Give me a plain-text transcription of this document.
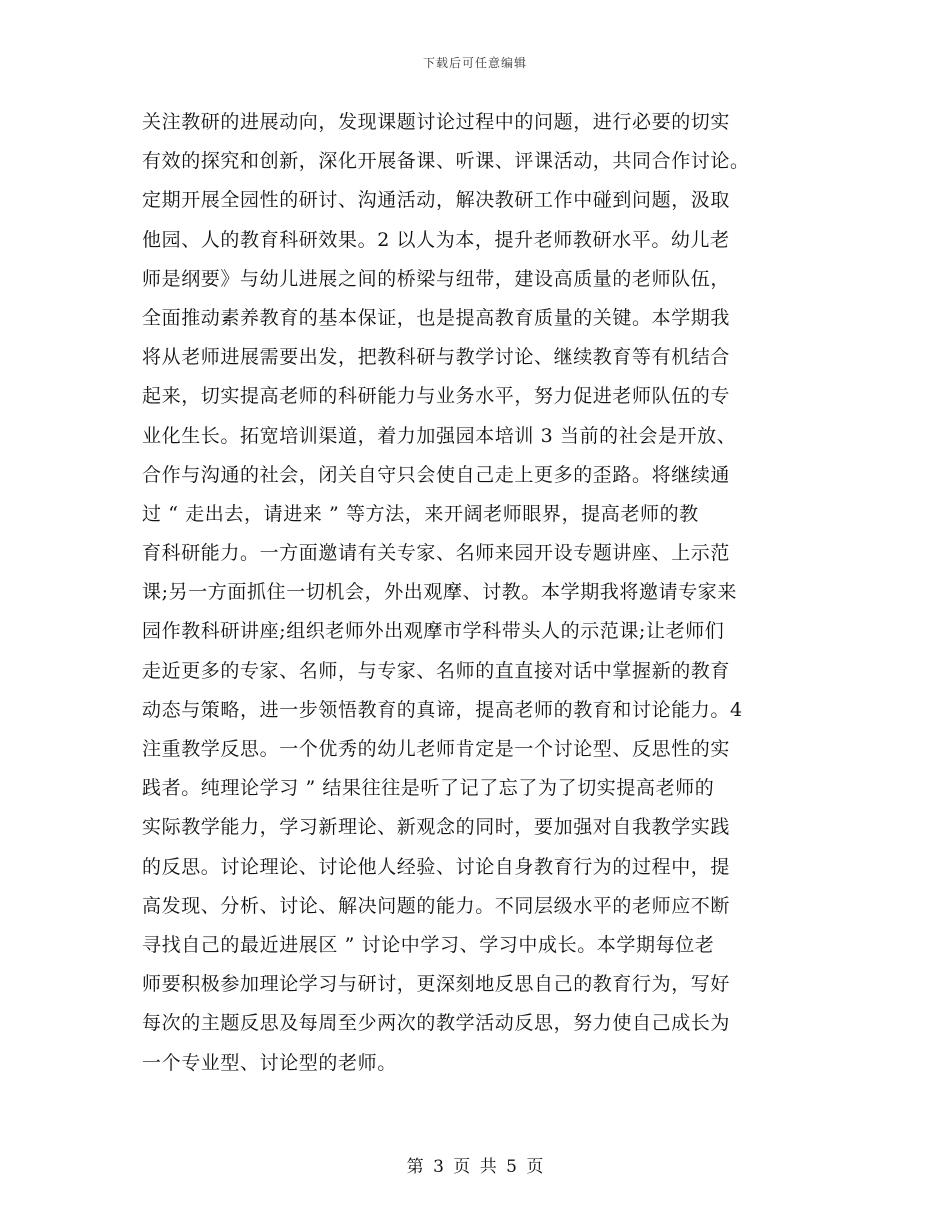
下载后可任意编辑
关注教研的进展动向，发现课题讨论过程中的问题，进行必要的切实
有效的探究和创新，深化开展备课、听课、评课活动，共同合作讨论。
定期开展全园性的研讨、沟通活动，解决教研工作中碰到问题，汲取
他园、人的教育科研效果。2 以人为本，提升老师教研水平。幼儿老
师是纲要》与幼儿进展之间的桥梁与纽带，建设高质量的老师队伍，
全面推动素养教育的基本保证，也是提高教育质量的关键。本学期我
将从老师进展需要出发，把教科研与教学讨论、继续教育等有机结合
起来，切实提高老师的科研能力与业务水平，努力促进老师队伍的专
业化生长。拓宽培训渠道，着力加强园本培训 3 当前的社会是开放、
合作与沟通的社会，闭关自守只会使自己走上更多的歪路。将继续通
过 “ 走出去，请进来 ” 等方法，来开阔老师眼界，提高老师的教
育科研能力。一方面邀请有关专家、名师来园开设专题讲座、上示范
课;另一方面抓住一切机会，外出观摩、讨教。本学期我将邀请专家来
园作教科研讲座;组织老师外出观摩市学科带头人的示范课;让老师们
走近更多的专家、名师，与专家、名师的直直接对话中掌握新的教育
动态与策略，进一步领悟教育的真谛，提高老师的教育和讨论能力。4
注重教学反思。一个优秀的幼儿老师肯定是一个讨论型、反思性的实
践者。纯理论学习 ” 结果往往是听了记了忘了为了切实提高老师的
实际教学能力，学习新理论、新观念的同时，要加强对自我教学实践
的反思。讨论理论、讨论他人经验、讨论自身教育行为的过程中，提
高发现、分析、讨论、解决问题的能力。不同层级水平的老师应不断
寻找自己的最近进展区 ” 讨论中学习、学习中成长。本学期每位老
师要积极参加理论学习与研讨，更深刻地反思自己的教育行为，写好
每次的主题反思及每周至少两次的教学活动反思，努力使自己成长为
一个专业型、讨论型的老师。
第 3 页 共 5 页
